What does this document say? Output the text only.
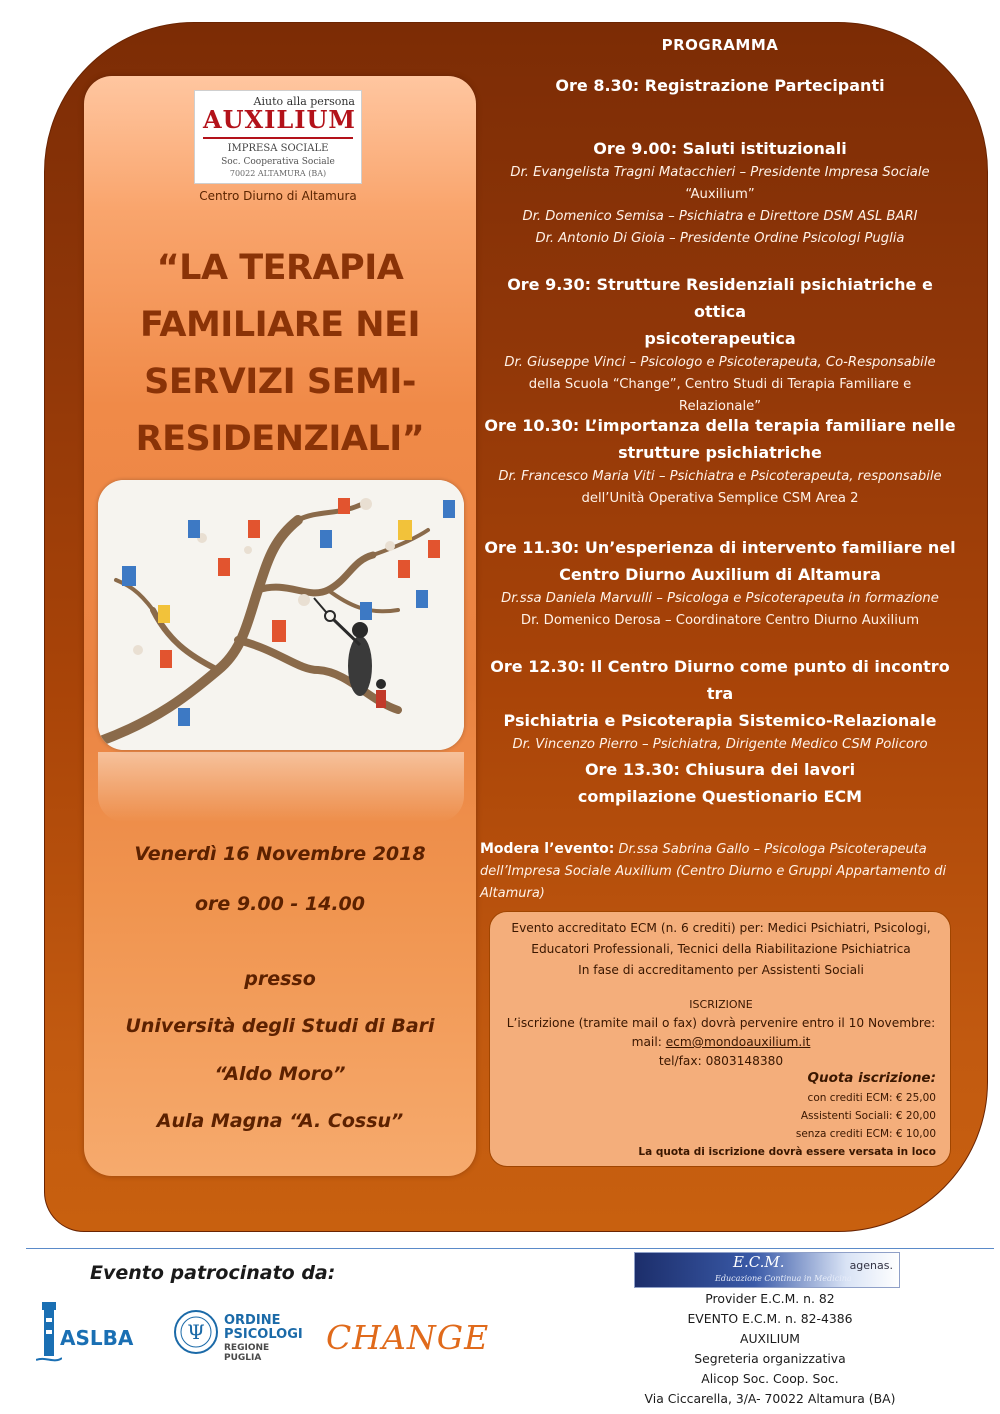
Aiuto alla persona
AUXILIUM
IMPRESA SOCIALE
Soc. Cooperativa Sociale
70022 ALTAMURA (BA)
Centro Diurno di Altamura
“LA TERAPIA FAMILIARE NEI SERVIZI SEMI-RESIDENZIALI”
Venerdì 16 Novembre 2018
ore 9.00 - 14.00
presso
Università degli Studi di Bari
“Aldo Moro”
Aula Magna “A. Cossu”
PROGRAMMA
Ore 8.30: Registrazione Partecipanti
Ore 9.00: Saluti istituzionali
Dr. Evangelista Tragni Matacchieri – Presidente Impresa Sociale
“Auxilium”
Dr. Domenico Semisa – Psichiatra e Direttore DSM ASL BARI
Dr. Antonio Di Gioia – Presidente Ordine Psicologi Puglia
Ore 9.30: Strutture Residenziali psichiatriche e ottica
psicoterapeutica
Dr. Giuseppe Vinci – Psicologo e Psicoterapeuta, Co-Responsabile
della Scuola “Change”, Centro Studi di Terapia Familiare e
Relazionale”
Ore 10.30: L’importanza della terapia familiare nelle
strutture psichiatriche
Dr. Francesco Maria Viti – Psichiatra e Psicoterapeuta, responsabile
dell’Unità Operativa Semplice CSM Area 2
Ore 11.30: Un’esperienza di intervento familiare nel
Centro Diurno Auxilium di Altamura
Dr.ssa Daniela Marvulli – Psicologa e Psicoterapeuta in formazione
Dr. Domenico Derosa – Coordinatore Centro Diurno Auxilium
Ore 12.30: Il Centro Diurno come punto di incontro tra
Psichiatria e Psicoterapia Sistemico-Relazionale
Dr. Vincenzo Pierro – Psichiatra, Dirigente Medico CSM Policoro
Ore 13.30: Chiusura dei lavori
compilazione Questionario ECM
Modera l’evento: Dr.ssa Sabrina Gallo – Psicologa Psicoterapeuta dell’Impresa Sociale Auxilium (Centro Diurno e Gruppi Appartamento di Altamura)
Evento accreditato ECM (n. 6 crediti) per: Medici Psichiatri, Psicologi,
Educatori Professionali, Tecnici della Riabilitazione Psichiatrica
In fase di accreditamento per Assistenti Sociali
ISCRIZIONE
L’iscrizione (tramite mail o fax) dovrà pervenire entro il 10 Novembre:
mail: ecm@mondoauxilium.it
tel/fax: 0803148380
Quota iscrizione:
con crediti ECM: € 25,00
Assistenti Sociali: € 20,00
senza crediti ECM: € 10,00
La quota di iscrizione dovrà essere versata in loco
Evento patrocinato da:
ASLBA	Ψ ORDINE
PSICOLOGI
REGIONE
PUGLIA
CHANGE
E.C.M.
Educazione Continua in Medicina
agenas.
Provider E.C.M. n. 82
EVENTO E.C.M. n. 82-4386
AUXILIUM
Segreteria organizzativa
Alicop Soc. Coop. Soc.
Via Ciccarella, 3/A- 70022 Altamura (BA)
